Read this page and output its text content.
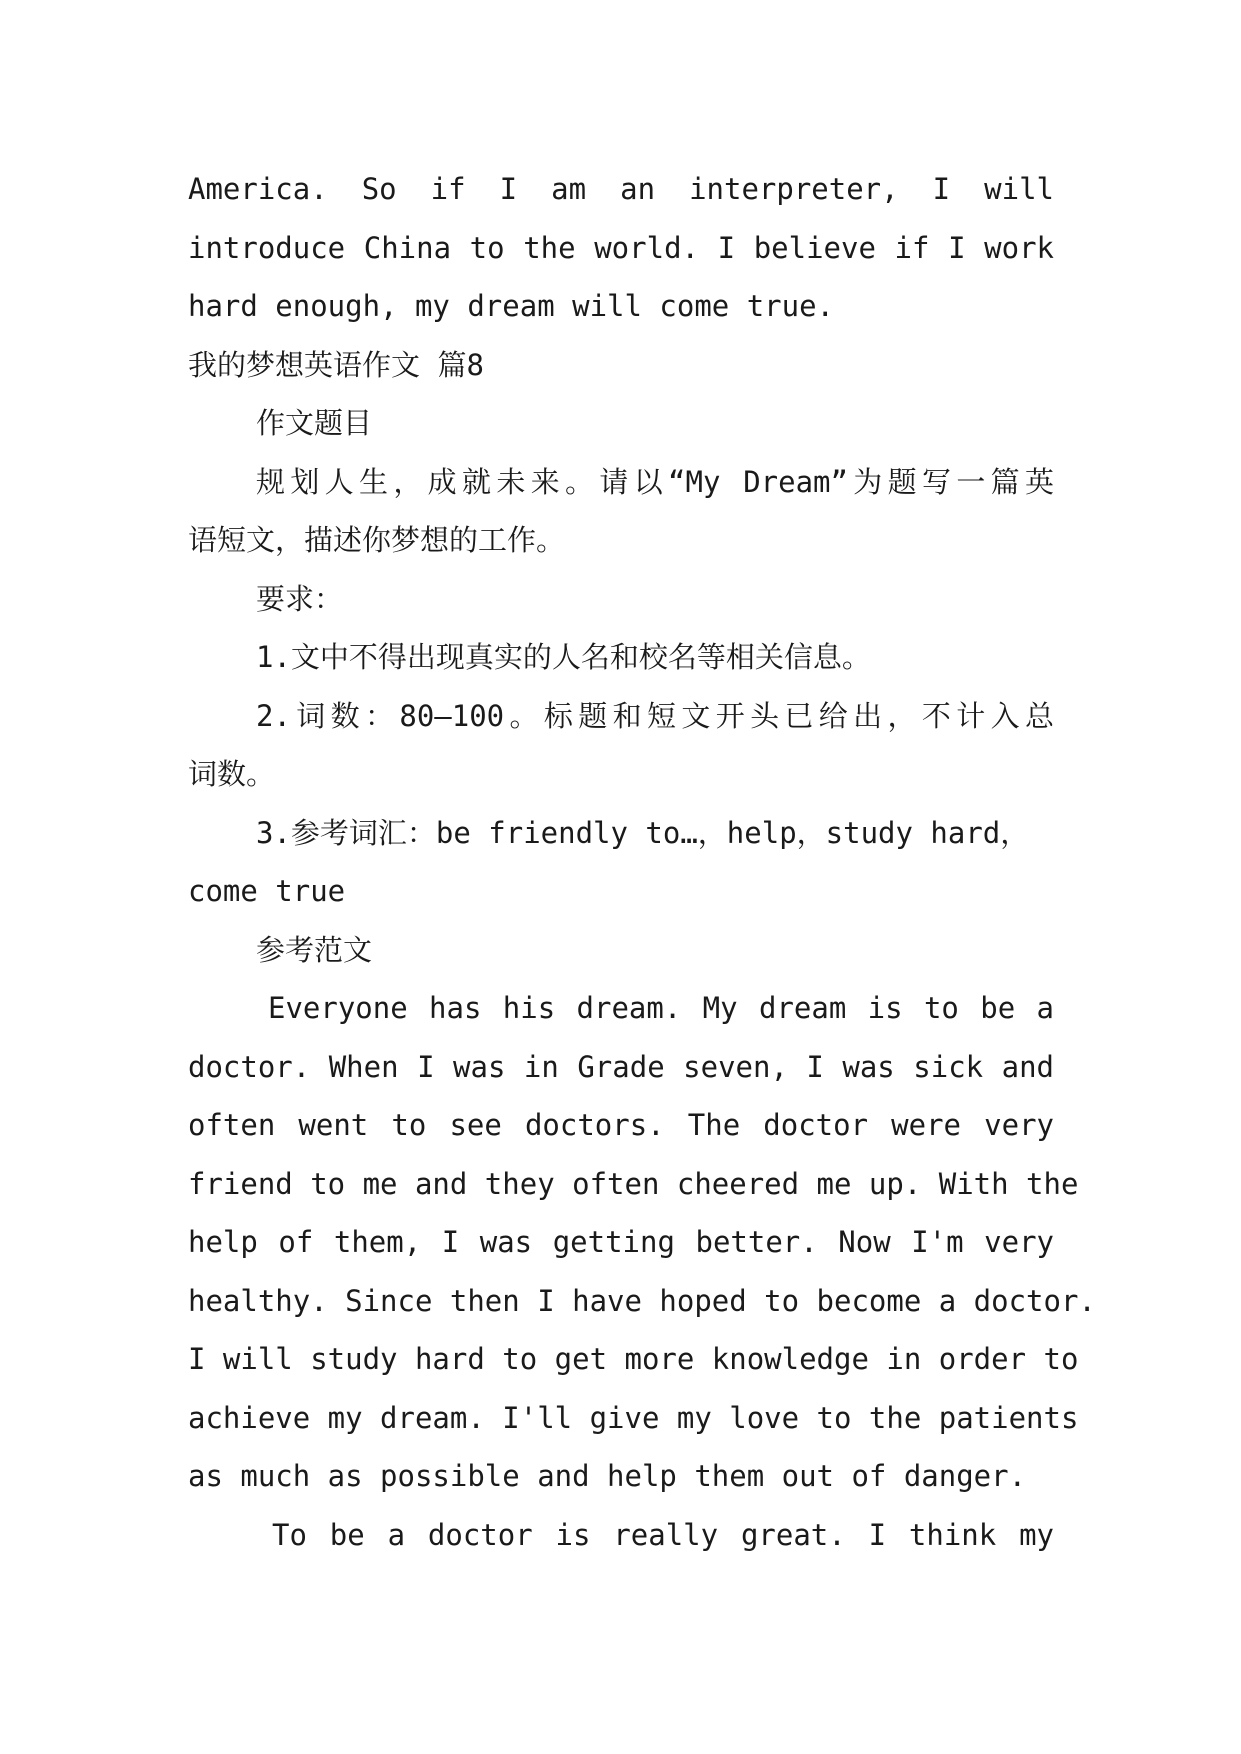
America. So if I am an interpreter, I will
introduce China to the world. I believe if I work
hard enough, my dream will come true.
我的梦想英语作文 篇8
作文题目
规划人生，成就未来。请以“My Dream”为题写一篇英
语短文，描述你梦想的工作。
要求：
1.文中不得出现真实的人名和校名等相关信息。
2.词数：80—100。标题和短文开头已给出，不计入总
词数。
3.参考词汇：be friendly to…，help，study hard，
come true
参考范文
Everyone has his dream. My dream is to be a
doctor. When I was in Grade seven, I was sick and
often went to see doctors. The doctor were very
friend to me and they often cheered me up. With the
help of them, I was getting better. Now I'm very
healthy. Since then I have hoped to become a doctor.
I will study hard to get more knowledge in order to
achieve my dream. I'll give my love to the patients
as much as possible and help them out of danger.
To be a doctor is really great. I think my
